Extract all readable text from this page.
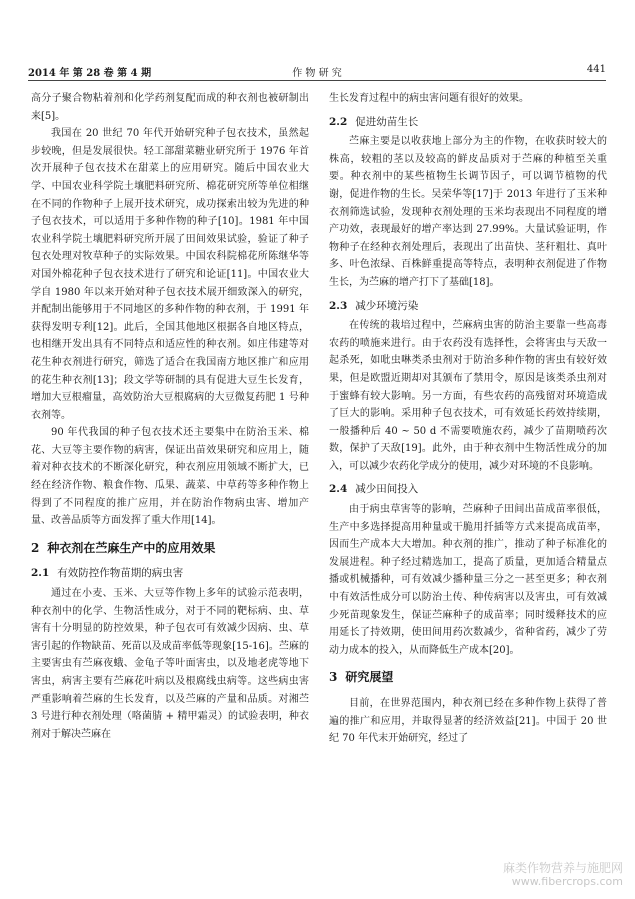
2014 年 第 28 卷 第 4 期	作 物 研 究	441

高分子聚合物粘着剂和化学药剂复配而成的种衣剂也被研制出来[5]。

我国在 20 世纪 70 年代开始研究种子包衣技术，虽然起步较晚，但是发展很快。轻工部甜菜糖业研究所于 1976 年首次开展种子包衣技术在甜菜上的应用研究。随后中国农业大学、中国农业科学院土壤肥料研究所、棉花研究所等单位相继在不同的作物种子上展开技术研究，成功探索出较为先进的种子包衣技术，可以适用于多种作物的种子[10]。1981 年中国农业科学院土壤肥料研究所开展了田间效果试验，验证了种子包衣处理对牧草种子的实际效果。中国农科院棉花所陈继华等对国外棉花种子包衣技术进行了研究和论证[11]。中国农业大学自 1980 年以来开始对种子包衣技术展开细致深入的研究，并配制出能够用于不同地区的多种作物的种衣剂，于 1991 年获得发明专利[12]。此后，全国其他地区根据各自地区特点，也相继开发出具有不同特点和适应性的种衣剂。如庄伟建等对花生种衣剂进行研究，筛选了适合在我国南方地区推广和应用的花生种衣剂[13]；段文学等研制的具有促进大豆生长发育，增加大豆根瘤量，高效防治大豆根腐病的大豆微复药肥 1 号种衣剂等。

90 年代我国的种子包衣技术还主要集中在防治玉米、棉花、大豆等主要作物的病害，保证出苗效果研究和应用上，随着对种衣技术的不断深化研究，种衣剂应用领域不断扩大，已经在经济作物、粮食作物、瓜果、蔬菜、中草药等多种作物上得到了不同程度的推广应用，并在防治作物病虫害、增加产量、改善品质等方面发挥了重大作用[14]。

2 种衣剂在苎麻生产中的应用效果
2.1 有效防控作物苗期的病虫害

通过在小麦、玉米、大豆等作物上多年的试验示范表明，种衣剂中的化学、生物活性成分，对于不同的靶标病、虫、草害有十分明显的防控效果，种子包衣可有效减少因病、虫、草害引起的作物缺苗、死苗以及成苗率低等现象[15-16]。苎麻的主要害虫有苎麻夜蛾、金龟子等叶面害虫，以及地老虎等地下害虫，病害主要有苎麻花叶病以及根腐线虫病等。这些病虫害严重影响着苎麻的生长发育，以及苎麻的产量和品质。对湘苎 3 号进行种衣剂处理（咯菌腈 + 精甲霜灵）的试验表明，种衣剂对于解决苎麻在

生长发育过程中的病虫害问题有很好的效果。

2.2 促进幼苗生长

苎麻主要是以收获地上部分为主的作物，在收获时较大的株高，较粗的茎以及较高的鲜皮品质对于苎麻的种植至关重要。种衣剂中的某些植物生长调节因子，可以调节植物的代谢，促进作物的生长。吴荣华等[17]于 2013 年进行了玉米种衣剂筛选试验，发现种衣剂处理的玉米均表现出不同程度的增产功效，表现最好的增产率达到 27.99%。大量试验证明，作物种子在经种衣剂处理后，表现出了出苗快、茎秆粗壮、真叶多、叶色浓绿、百株鲜重提高等特点，表明种衣剂促进了作物生长，为苎麻的增产打下了基础[18]。

2.3 减少环境污染

在传统的栽培过程中，苎麻病虫害的防治主要靠一些高毒农药的喷施来进行。由于农药没有选择性，会将害虫与天敌一起杀死，如吡虫啉类杀虫剂对于防治多种作物的害虫有较好效果，但是欧盟近期却对其颁布了禁用令，原因是该类杀虫剂对于蜜蜂有较大影响。另一方面，有些农药的高残留对环境造成了巨大的影响。采用种子包衣技术，可有效延长药效持续期，一般播种后 40 ~ 50 d 不需要喷施农药，减少了苗期喷药次数，保护了天敌[19]。此外，由于种衣剂中生物活性成分的加入，可以减少农药化学成分的使用，减少对环境的不良影响。

2.4 减少田间投入

由于病虫草害等的影响，苎麻种子田间出苗成苗率很低，生产中多选择提高用种量或干脆用扦插等方式来提高成苗率，因而生产成本大大增加。种衣剂的推广，推动了种子标准化的发展进程。种子经过精选加工，提高了质量，更加适合精量点播或机械播种，可有效减少播种量三分之一甚至更多；种衣剂中有效活性成分可以防治土传、种传病害以及害虫，可有效减少死苗现象发生，保证苎麻种子的成苗率；同时缓释技术的应用延长了持效期，使田间用药次数减少，省种省药，减少了劳动力成本的投入，从而降低生产成本[20]。

3 研究展望

目前，在世界范围内，种衣剂已经在多种作物上获得了普遍的推广和应用，并取得显著的经济效益[21]。中国于 20 世纪 70 年代末开始研究，经过了

麻类作物营养与施肥网
www.fibercrops.com
